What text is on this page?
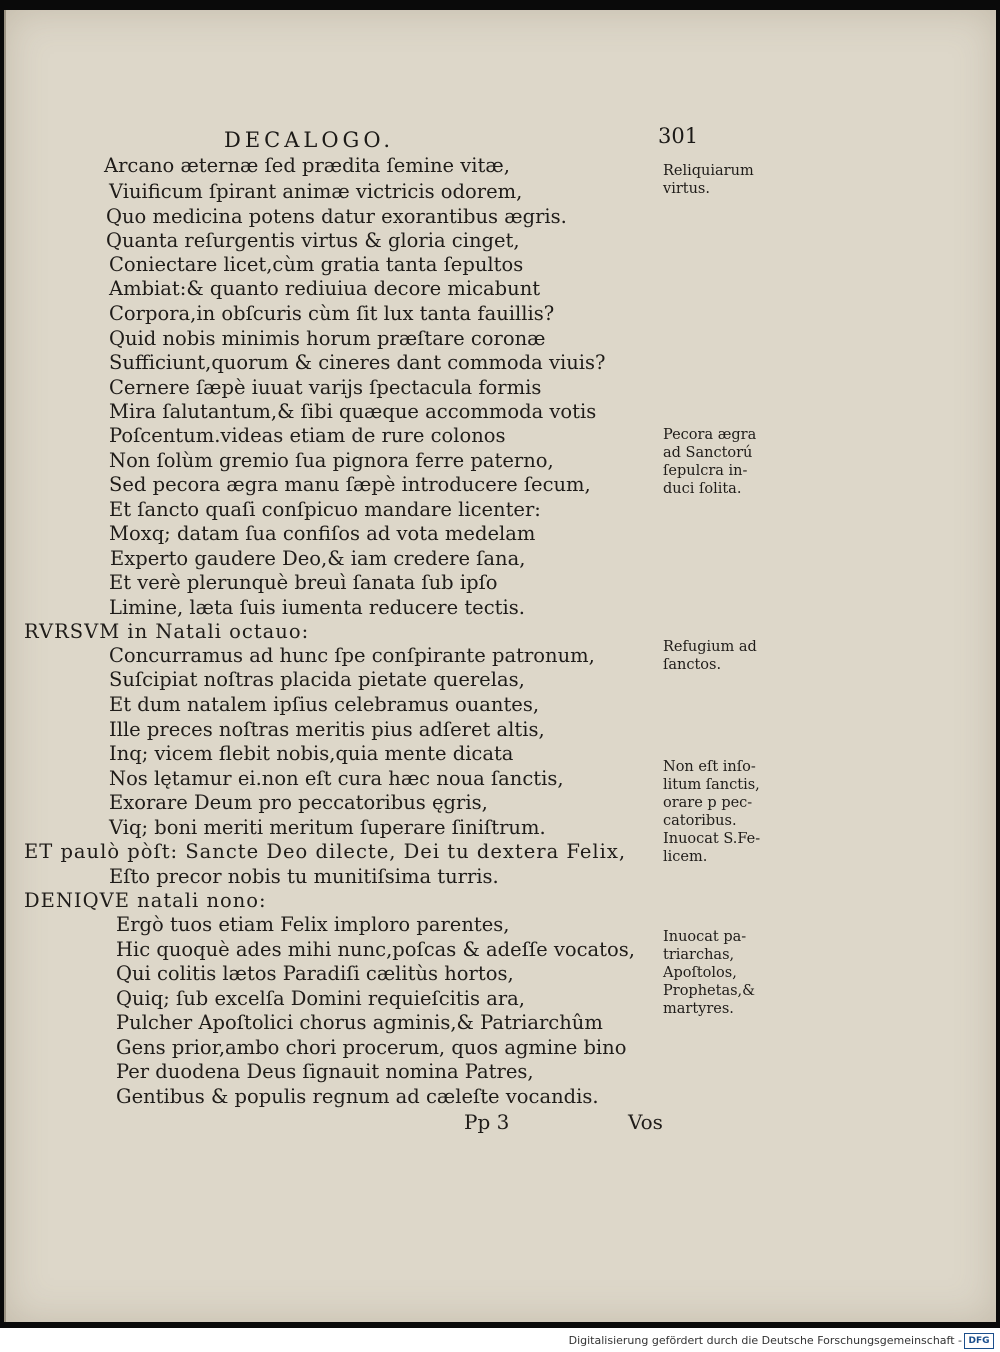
DECALOGO.	301
Arcano æternæ ſed prædita ſemine vitæ,
Viuificum ſpirant animæ victricis odorem,
Quo medicina potens datur exorantibus ægris.
Quanta reſurgentis virtus & gloria cinget,
Coniectare licet,cùm gratia tanta ſepultos
Ambiat:& quanto rediuiua decore micabunt
Corpora,in obſcuris cùm ſit lux tanta fauillis?
Quid nobis minimis horum præſtare coronæ
Sufficiunt,quorum & cineres dant commoda viuis?
Cernere ſæpè iuuat varijs ſpectacula formis
Mira ſalutantum,& ſibi quæque accommoda votis
Poſcentum.videas etiam de rure colonos
Non ſolùm gremio ſua pignora ferre paterno,
Sed pecora ægra manu ſæpè introducere ſecum,
Et ſancto quaſi conſpicuo mandare licenter:
Moxq; datam ſua confiſos ad vota medelam
Experto gaudere Deo,& iam credere ſana,
Et verè plerunquè breuì ſanata ſub ipſo
Limine, læta ſuis iumenta reducere tectis.
RVRSVM in Natali octauo:
Concurramus ad hunc ſpe conſpirante patronum,
Suſcipiat noſtras placida pietate querelas,
Et dum natalem ipſius celebramus ouantes,
Ille preces noſtras meritis pius adſeret altis,
Inq; vicem flebit nobis,quia mente dicata
Nos lętamur ei.non eſt cura hæc noua ſanctis,
Exorare Deum pro peccatoribus ęgris,
Viq; boni meriti meritum ſuperare ſiniſtrum.
ET paulò pòſt: Sancte Deo dilecte, Dei tu dextera Felix,
Eſto precor nobis tu munitiſsima turris.
DENIQVE natali nono:
Ergò tuos etiam Felix imploro parentes,
Hic quoquè ades mihi nunc,poſcas & adeſſe vocatos,
Qui colitis lætos Paradiſi cælitùs hortos,
Quiq; ſub excelſa Domini requieſcitis ara,
Pulcher Apoſtolici chorus agminis,& Patriarchûm
Gens prior,ambo chori procerum, quos agmine bino
Per duodena Deus ſignauit nomina Patres,
Gentibus & populis regnum ad cæleſte vocandis.
Reliquiarum
virtus.
Pecora ægra
ad Sanctorú
ſepulcra in-
duci ſolita.
Refugium ad
ſanctos.
Non eſt inſo-
litum ſanctis,
orare p pec-
catoribus.
Inuocat S.Fe-
licem.
Inuocat pa-
triarchas,
Apoſtolos,
Prophetas,&
martyres.
Pp 3	Vos
Digitalisierung gefördert durch die Deutsche Forschungsgemeinschaft - DFG
